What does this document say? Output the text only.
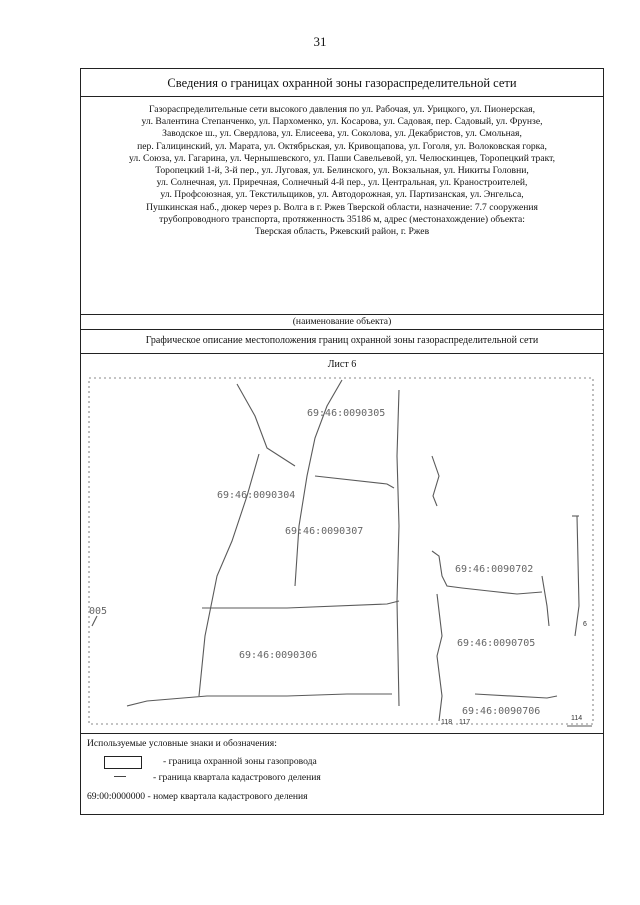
31
Сведения о границах охранной зоны газораспределительной сети
Газораспределительные сети высокого давления по ул. Рабочая, ул. Урицкого, ул. Пионерская,
ул. Валентина Степанченко, ул. Пархоменко, ул. Косарова, ул. Садовая, пер. Садовый, ул. Фрунзе,
Заводское ш., ул. Свердлова, ул. Елисеева, ул. Соколова, ул. Декабристов, ул. Смольная,
пер. Галицинский, ул. Марата, ул. Октябрьская, ул. Кривощапова, ул. Гоголя, ул. Волоковская горка,
ул. Союза, ул. Гагарина, ул. Чернышевского, ул. Паши Савельевой, ул. Челюскинцев, Торопецкий тракт,
Торопецкий 1-й, 3-й пер., ул. Луговая, ул. Белинского, ул. Вокзальная, ул. Никиты Головни,
ул. Солнечная, ул. Приречная, Солнечный 4-й пер., ул. Центральная, ул. Краностроителей,
ул. Профсоюзная, ул. Текстильщиков, ул. Автодорожная, ул. Партизанская, ул. Энгельса,
Пушкинская наб., дюкер через р. Волга в г. Ржев Тверской области, назначение: 7.7 сооружения
трубопроводного транспорта, протяженность 35186 м, адрес (местонахождение) объекта:
Тверская область, Ржевский район, г. Ржев
(наименование объекта)
Графическое описание местоположения границ охранной зоны газораспределительной сети
Лист 6
69:46:0090305
69:46:0090304
69:46:0090307
69:46:0090702
69:46:0090306
69:46:0090705
69:46:0090706
005
118 117
114
6
Используемые условные знаки и обозначения:
- граница охранной зоны газопровода
- граница квартала кадастрового деления
69:00:0000000 - номер квартала кадастрового деления
